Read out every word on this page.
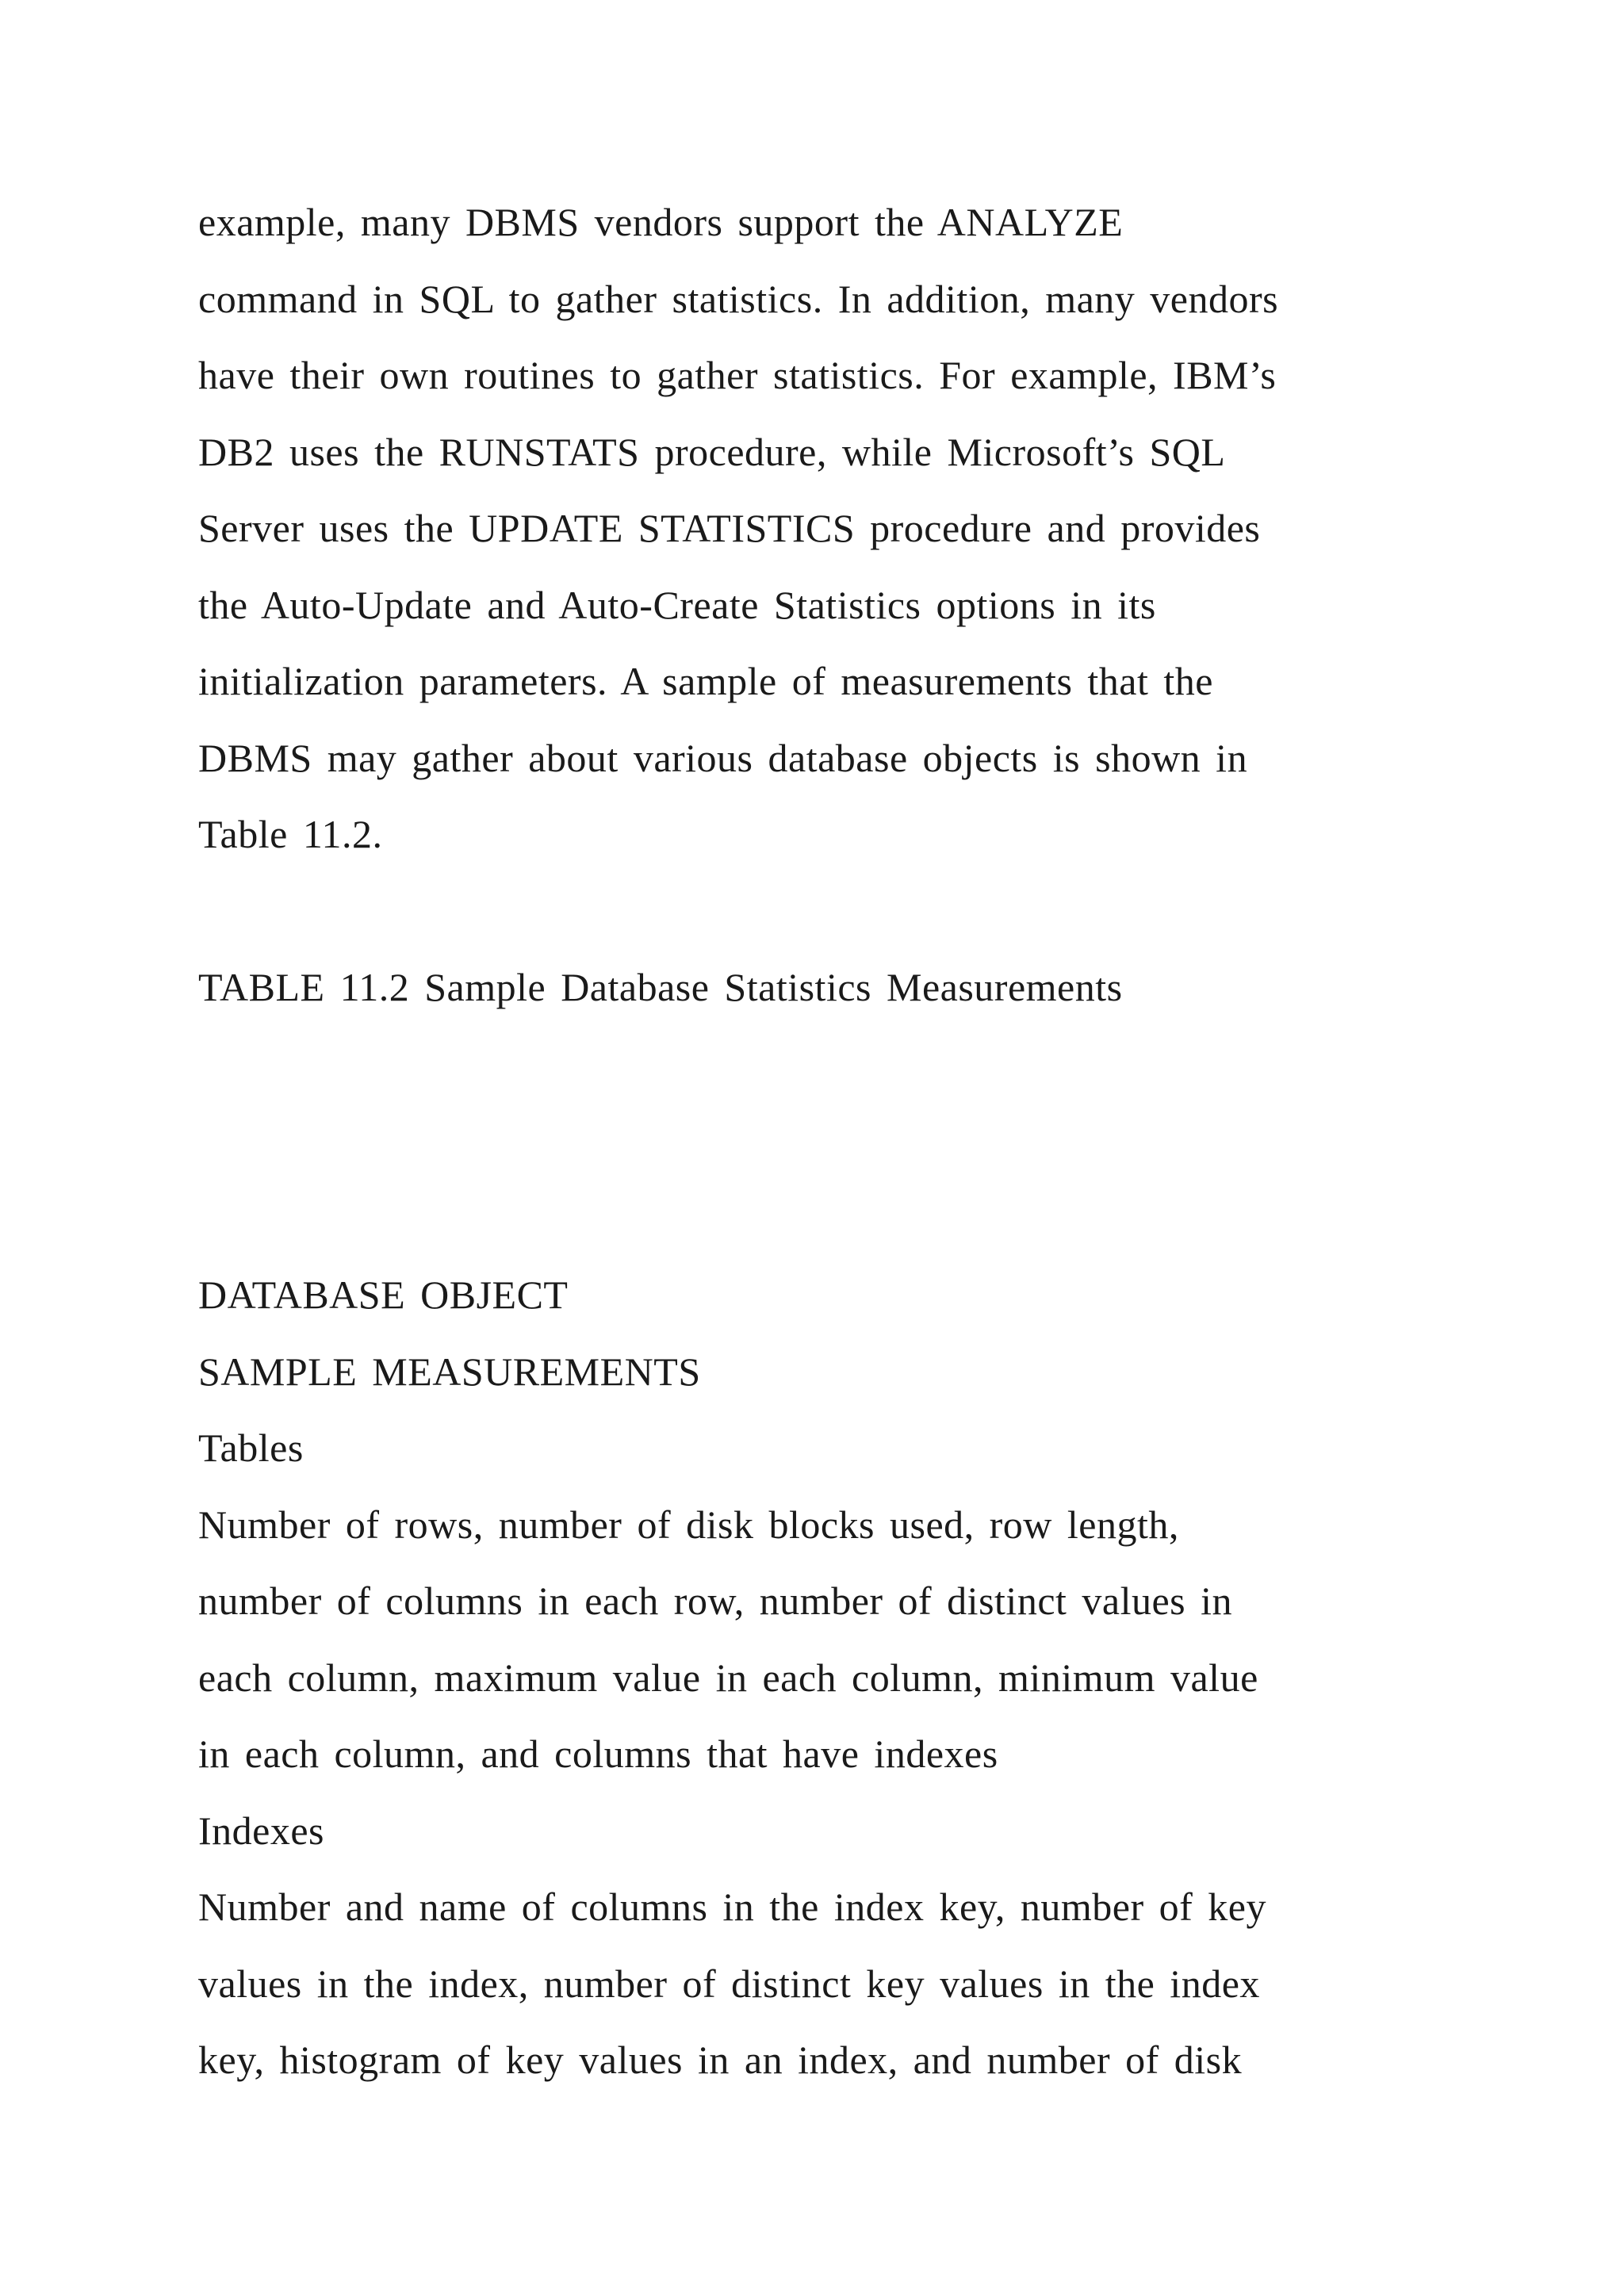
example, many DBMS vendors support the ANALYZE
command in SQL to gather statistics. In addition, many vendors
have their own routines to gather statistics. For example, IBM’s
DB2 uses the RUNSTATS procedure, while Microsoft’s SQL
Server uses the UPDATE STATISTICS procedure and provides
the Auto-Update and Auto-Create Statistics options in its
initialization parameters. A sample of measurements that the
DBMS may gather about various database objects is shown in
Table 11.2.
TABLE 11.2 Sample Database Statistics Measurements
DATABASE OBJECT
SAMPLE MEASUREMENTS
Tables
Number of rows, number of disk blocks used, row length,
number of columns in each row, number of distinct values in
each column, maximum value in each column, minimum value
in each column, and columns that have indexes
Indexes
Number and name of columns in the index key, number of key
values in the index, number of distinct key values in the index
key, histogram of key values in an index, and number of disk
